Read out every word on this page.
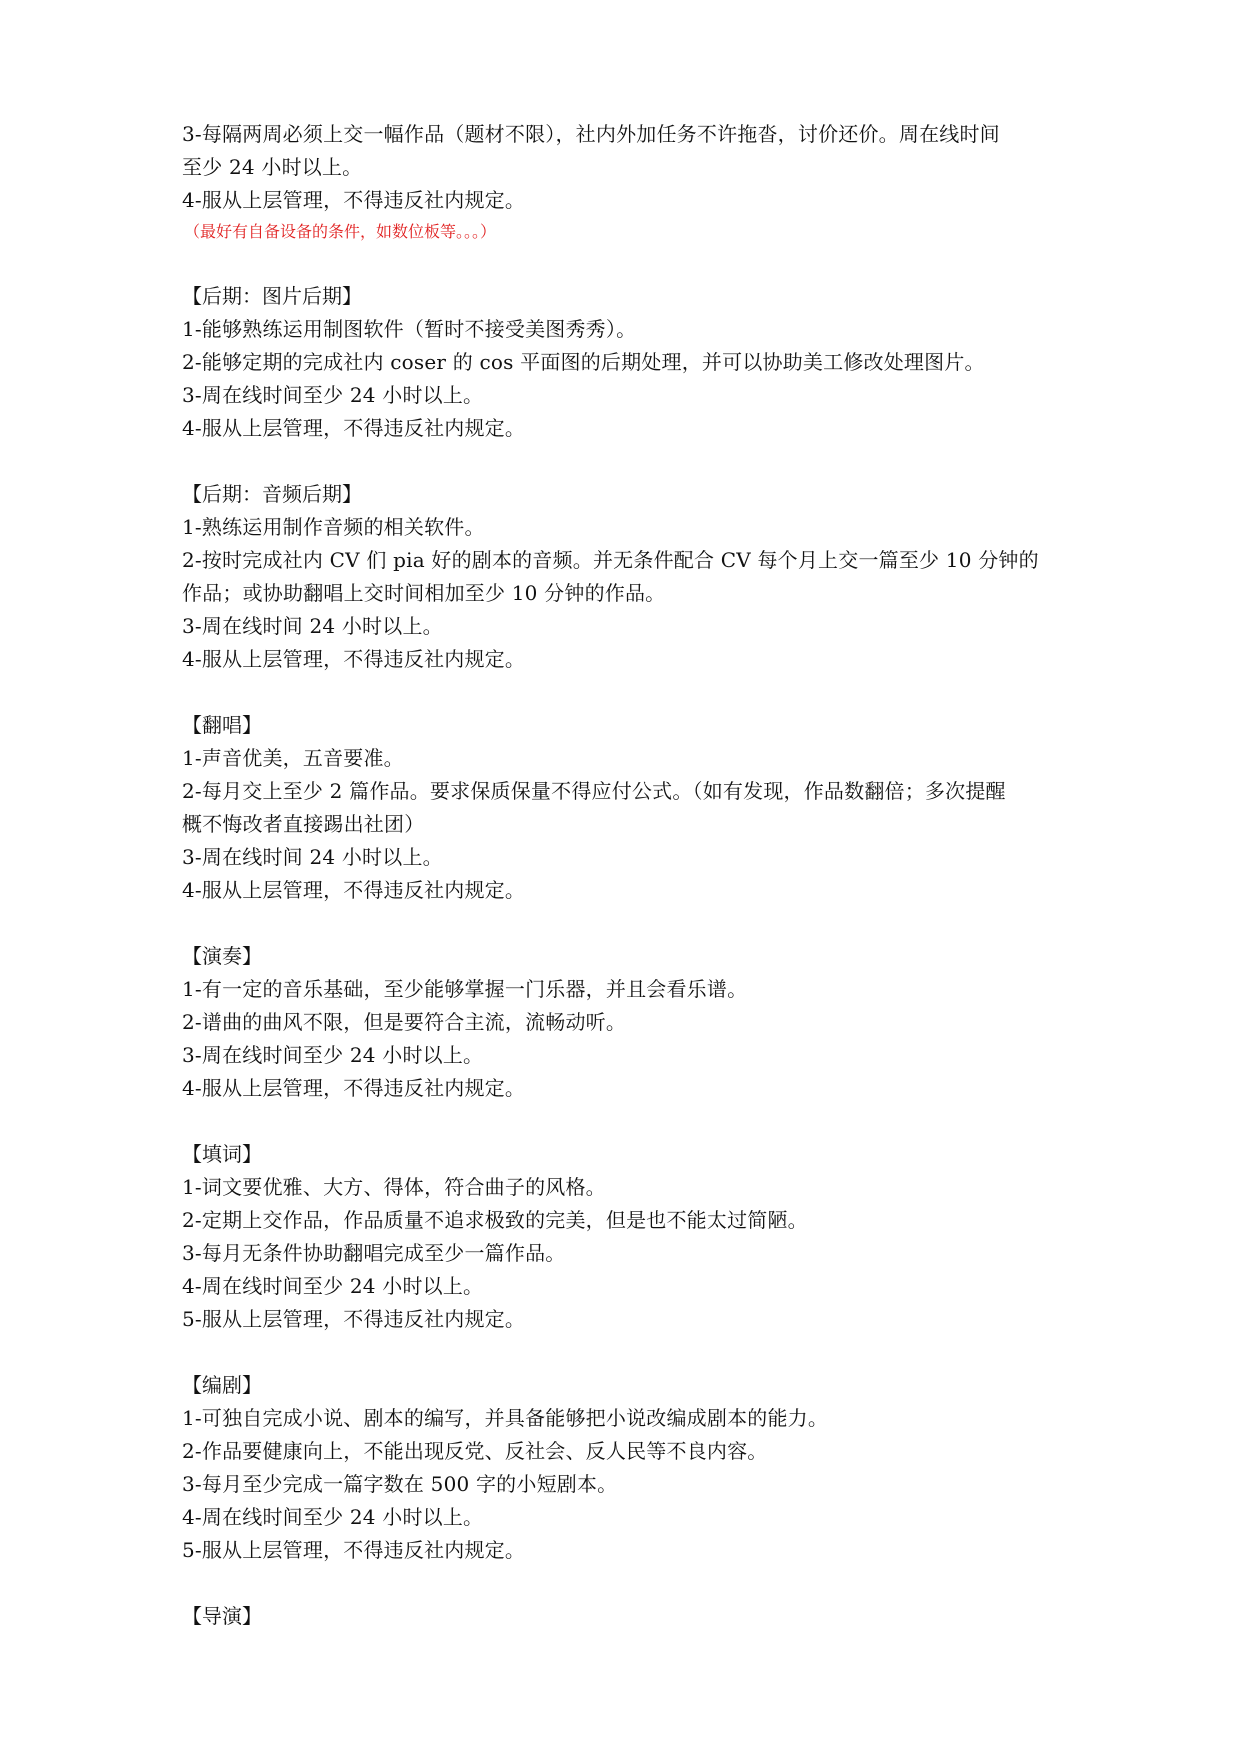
3-每隔两周必须上交一幅作品（题材不限），社内外加任务不许拖沓，讨价还价。周在线时间
至少 24 小时以上。
4-服从上层管理，不得违反社内规定。
（最好有自备设备的条件，如数位板等。。。）
【后期：图片后期】
1-能够熟练运用制图软件（暂时不接受美图秀秀）。
2-能够定期的完成社内 coser 的 cos 平面图的后期处理，并可以协助美工修改处理图片。
3-周在线时间至少 24 小时以上。
4-服从上层管理，不得违反社内规定。
【后期：音频后期】
1-熟练运用制作音频的相关软件。
2-按时完成社内 CV 们 pia 好的剧本的音频。并无条件配合 CV 每个月上交一篇至少 10 分钟的
作品；或协助翻唱上交时间相加至少 10 分钟的作品。
3-周在线时间 24 小时以上。
4-服从上层管理，不得违反社内规定。
【翻唱】
1-声音优美，五音要准。
2-每月交上至少 2 篇作品。要求保质保量不得应付公式。（如有发现，作品数翻倍；多次提醒
概不悔改者直接踢出社团）
3-周在线时间 24 小时以上。
4-服从上层管理，不得违反社内规定。
【演奏】
1-有一定的音乐基础，至少能够掌握一门乐器，并且会看乐谱。
2-谱曲的曲风不限，但是要符合主流，流畅动听。
3-周在线时间至少 24 小时以上。
4-服从上层管理，不得违反社内规定。
【填词】
1-词文要优雅、大方、得体，符合曲子的风格。
2-定期上交作品，作品质量不追求极致的完美，但是也不能太过简陋。
3-每月无条件协助翻唱完成至少一篇作品。
4-周在线时间至少 24 小时以上。
5-服从上层管理，不得违反社内规定。
【编剧】
1-可独自完成小说、剧本的编写，并具备能够把小说改编成剧本的能力。
2-作品要健康向上，不能出现反党、反社会、反人民等不良内容。
3-每月至少完成一篇字数在 500 字的小短剧本。
4-周在线时间至少 24 小时以上。
5-服从上层管理，不得违反社内规定。
【导演】
